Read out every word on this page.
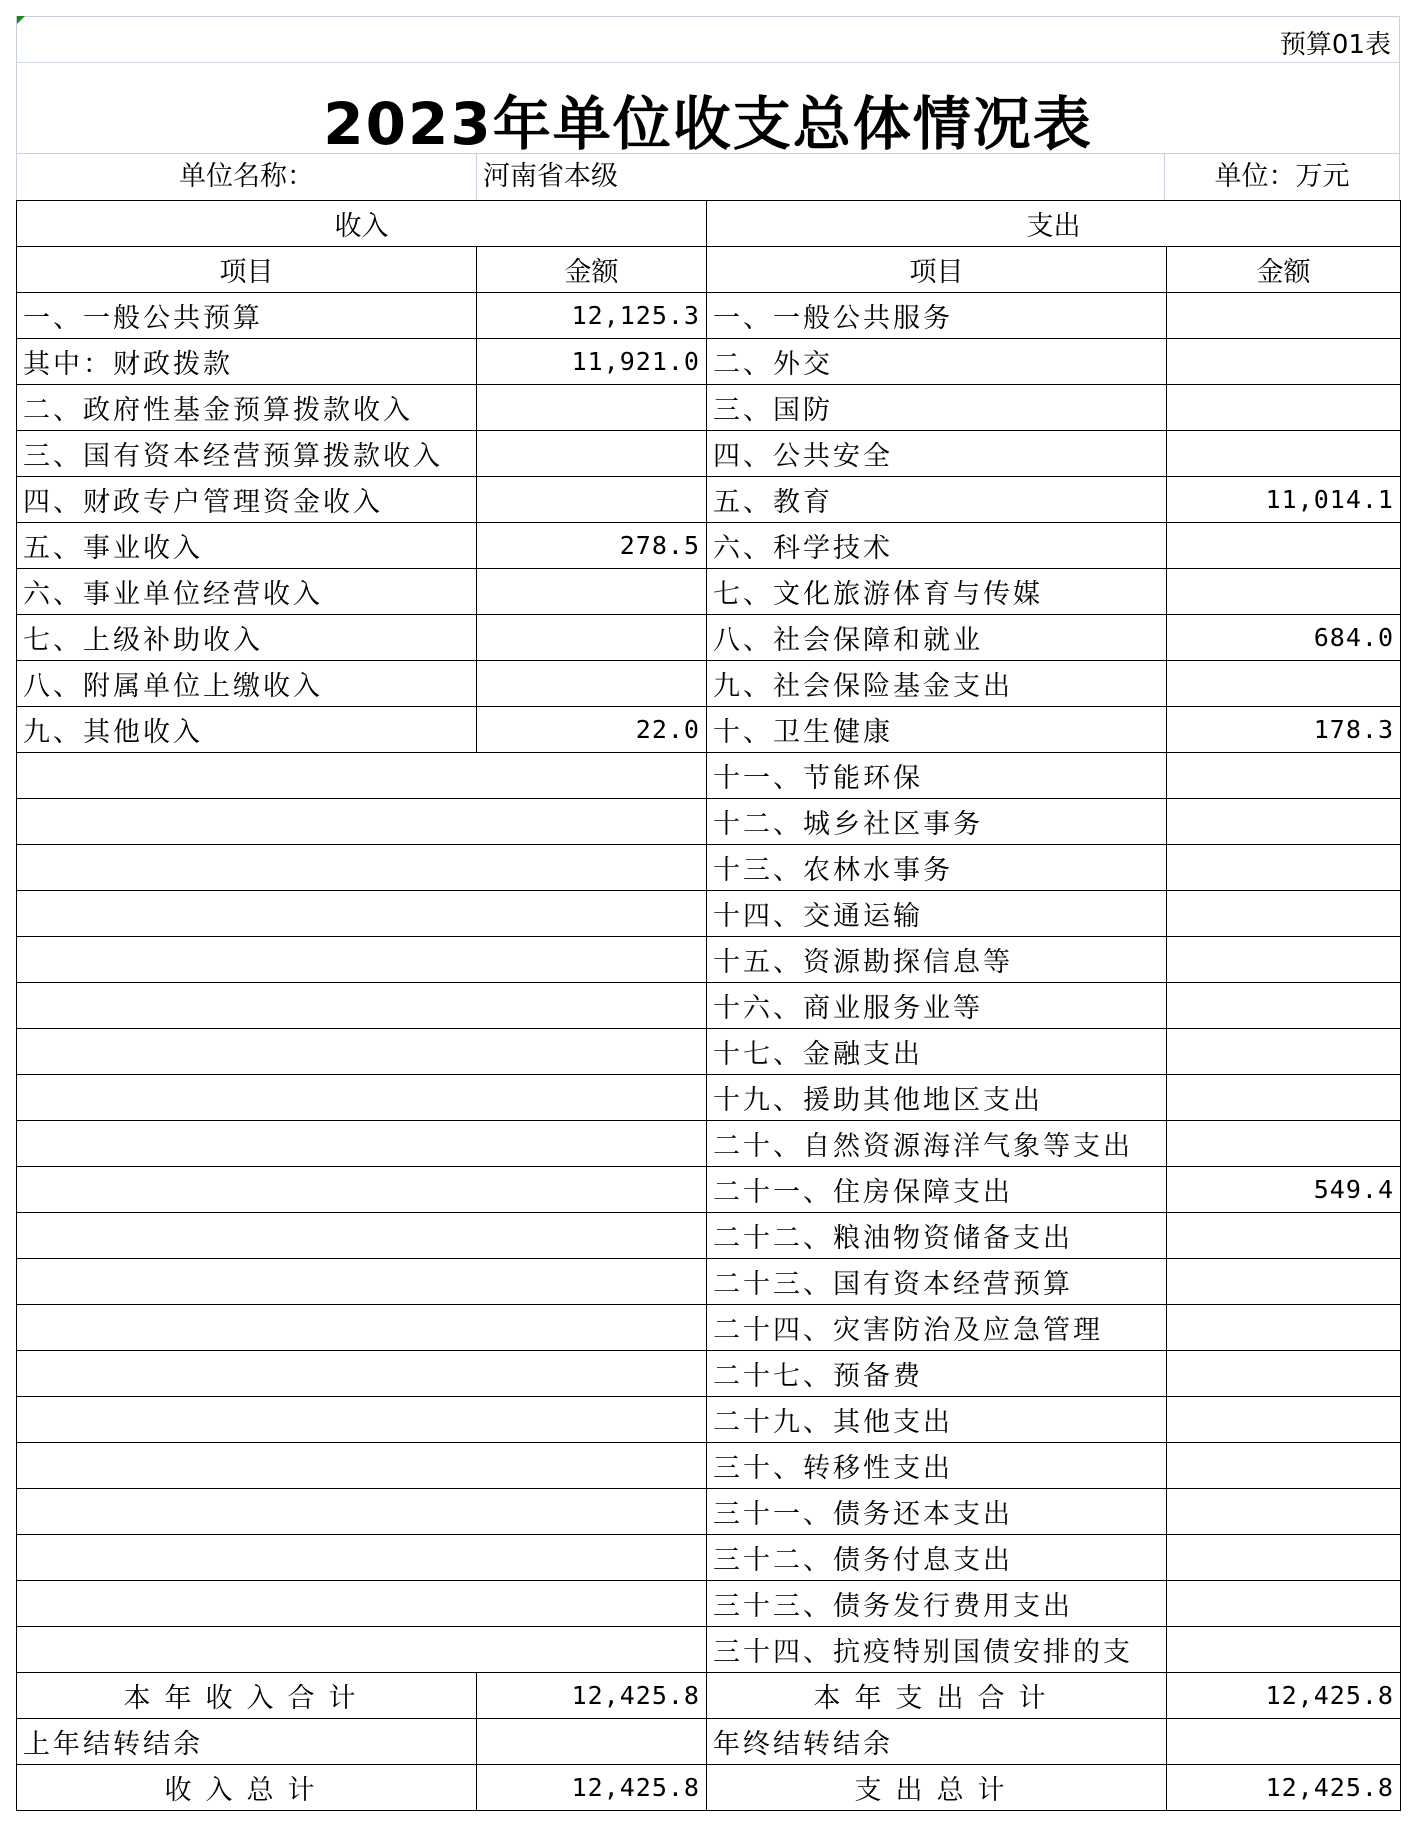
预算01表
2023年单位收支总体情况表
单位名称：	河南省本级	单位：万元
收入		支出	
项目	金额	项目	金额
一、一般公共预算	12,125.3	一、一般公共服务	
其中：财政拨款	11,921.0	二、外交	
二、政府性基金预算拨款收入		三、国防	
三、国有资本经营预算拨款收入		四、公共安全	
四、财政专户管理资金收入		五、教育	11,014.1
五、事业收入	278.5	六、科学技术	
六、事业单位经营收入		七、文化旅游体育与传媒	
七、上级补助收入		八、社会保障和就业	684.0
八、附属单位上缴收入		九、社会保险基金支出	
九、其他收入	22.0	十、卫生健康	178.3
		十一、节能环保	
		十二、城乡社区事务	
		十三、农林水事务	
		十四、交通运输	
		十五、资源勘探信息等	
		十六、商业服务业等	
		十七、金融支出	
		十九、援助其他地区支出	
		二十、自然资源海洋气象等支出	
		二十一、住房保障支出	549.4
		二十二、粮油物资储备支出	
		二十三、国有资本经营预算	
		二十四、灾害防治及应急管理	
		二十七、预备费	
		二十九、其他支出	
		三十、转移性支出	
		三十一、债务还本支出	
		三十二、债务付息支出	
		三十三、债务发行费用支出	
		三十四、抗疫特别国债安排的支	
本年收入合计	12,425.8	本年支出合计	12,425.8
上年结转结余		年终结转结余	
收入总计	12,425.8	支出总计	12,425.8
